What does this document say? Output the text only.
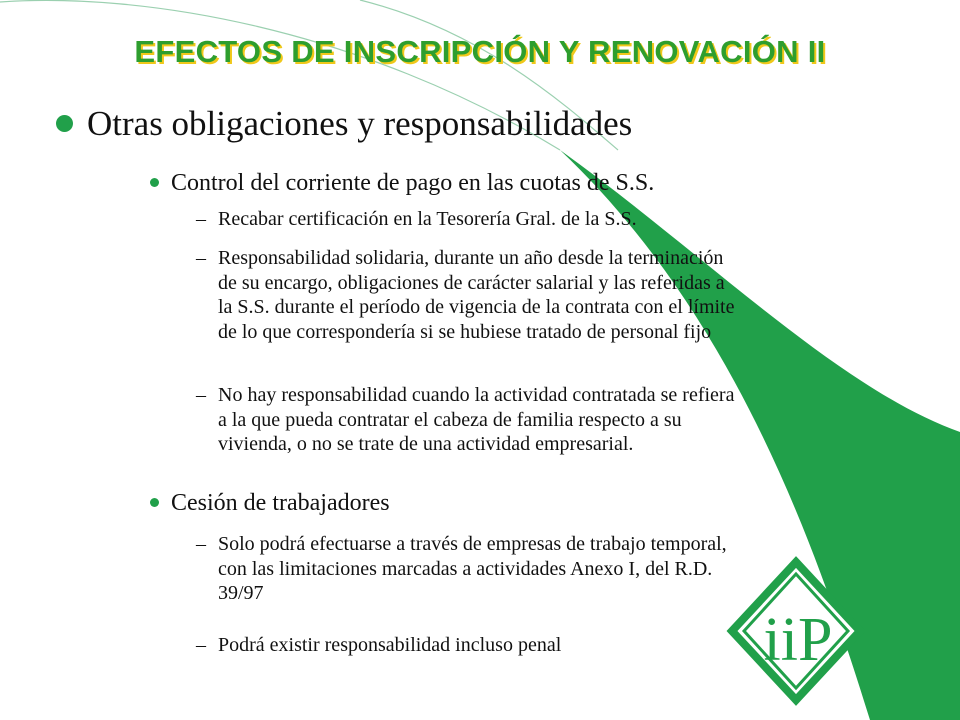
EFECTOS DE INSCRIPCIÓN Y RENOVACIÓN II
Otras obligaciones y responsabilidades
Control del corriente de pago en las cuotas de S.S.
– Recabar certificación en la Tesorería Gral. de la S.S.
– Responsabilidad solidaria, durante un año desde la terminación
de su encargo, obligaciones de carácter salarial y las referidas a
la S.S. durante el período de vigencia de la contrata con el límite
de lo que correspondería si se hubiese tratado de personal fijo
– No hay responsabilidad cuando la actividad contratada se refiera
a la que pueda contratar el cabeza de familia respecto a su
vivienda, o no se trate de una actividad empresarial.
Cesión de trabajadores
– Solo podrá efectuarse a través de empresas de trabajo temporal,
con las limitaciones marcadas a actividades Anexo I, del R.D.
39/97
– Podrá existir responsabilidad incluso penal	iiP
